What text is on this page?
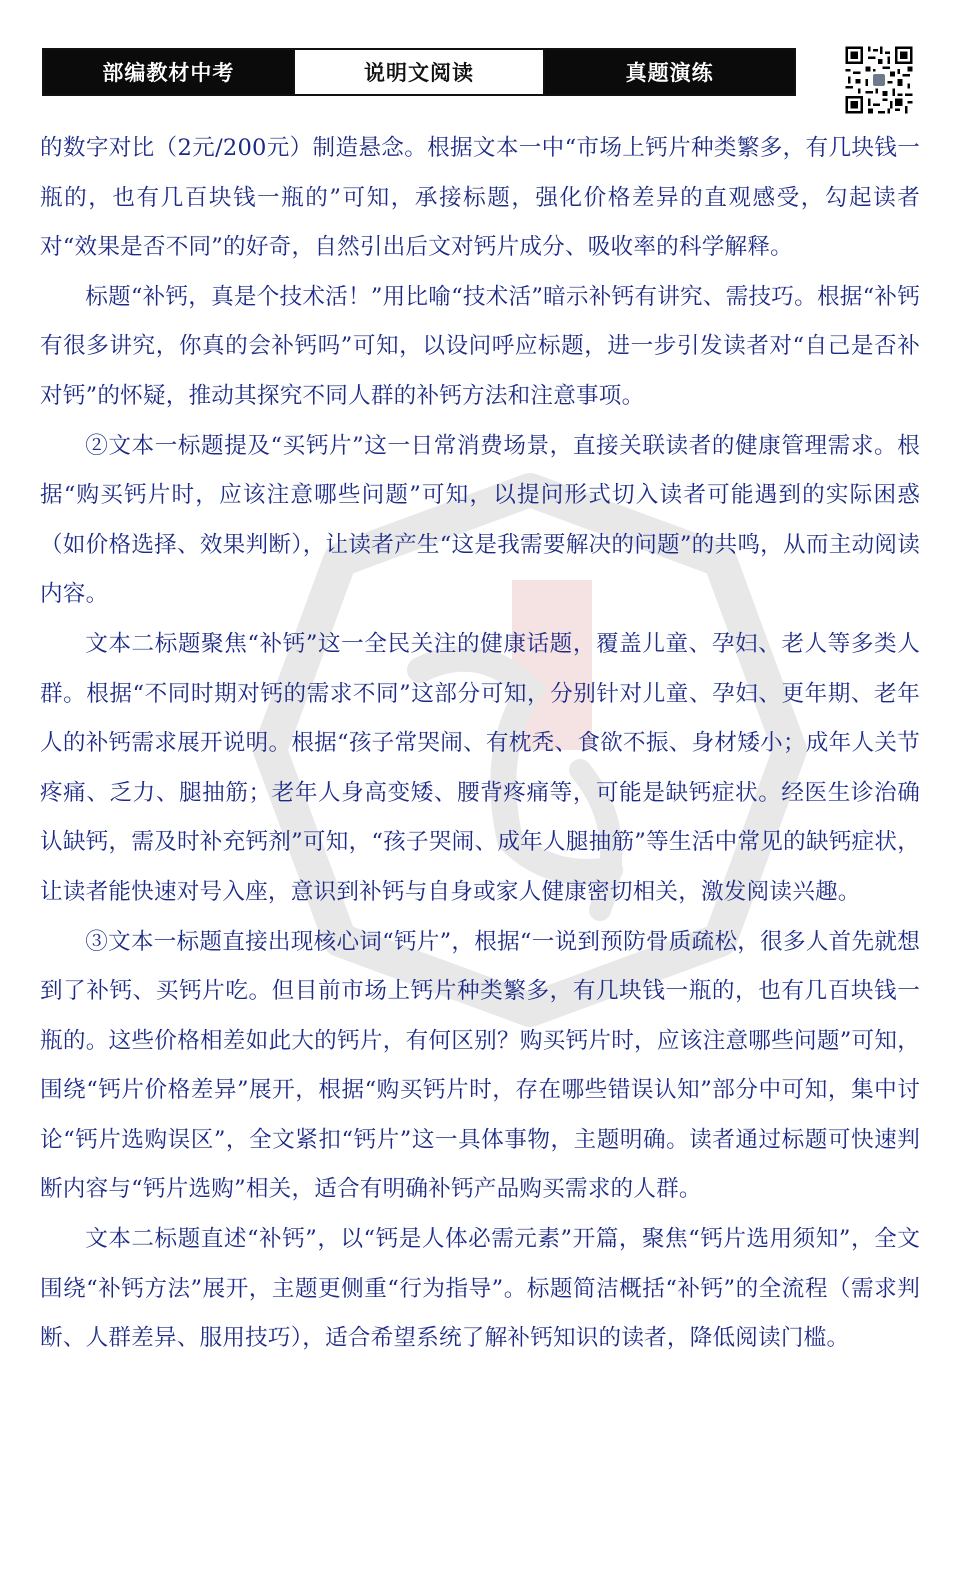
部编教材中考	说明文阅读	真题演练

的数字对比（2元/200元）制造悬念。根据文本一中“市场上钙片种类繁多，有几块钱一瓶的，也有几百块钱一瓶的”可知，承接标题，强化价格差异的直观感受，勾起读者对“效果是否不同”的好奇，自然引出后文对钙片成分、吸收率的科学解释。

标题“补钙，真是个技术活！”用比喻“技术活”暗示补钙有讲究、需技巧。根据“补钙有很多讲究，你真的会补钙吗”可知，以设问呼应标题，进一步引发读者对“自己是否补对钙”的怀疑，推动其探究不同人群的补钙方法和注意事项。

②文本一标题提及“买钙片”这一日常消费场景，直接关联读者的健康管理需求。根据“购买钙片时，应该注意哪些问题”可知，以提问形式切入读者可能遇到的实际困惑（如价格选择、效果判断），让读者产生“这是我需要解决的问题”的共鸣，从而主动阅读内容。

文本二标题聚焦“补钙”这一全民关注的健康话题，覆盖儿童、孕妇、老人等多类人群。根据“不同时期对钙的需求不同”这部分可知，分别针对儿童、孕妇、更年期、老年人的补钙需求展开说明。根据“孩子常哭闹、有枕秃、食欲不振、身材矮小；成年人关节疼痛、乏力、腿抽筋；老年人身高变矮、腰背疼痛等，可能是缺钙症状。经医生诊治确认缺钙，需及时补充钙剂”可知，“孩子哭闹、成年人腿抽筋”等生活中常见的缺钙症状，让读者能快速对号入座，意识到补钙与自身或家人健康密切相关，激发阅读兴趣。

③文本一标题直接出现核心词“钙片”，根据“一说到预防骨质疏松，很多人首先就想到了补钙、买钙片吃。但目前市场上钙片种类繁多，有几块钱一瓶的，也有几百块钱一瓶的。这些价格相差如此大的钙片，有何区别？购买钙片时，应该注意哪些问题”可知，围绕“钙片价格差异”展开，根据“购买钙片时，存在哪些错误认知”部分中可知，集中讨论“钙片选购误区”，全文紧扣“钙片”这一具体事物，主题明确。读者通过标题可快速判断内容与“钙片选购”相关，适合有明确补钙产品购买需求的人群。

文本二标题直述“补钙”，以“钙是人体必需元素”开篇，聚焦“钙片选用须知”，全文围绕“补钙方法”展开，主题更侧重“行为指导”。标题简洁概括“补钙”的全流程（需求判断、人群差异、服用技巧），适合希望系统了解补钙知识的读者，降低阅读门槛。
